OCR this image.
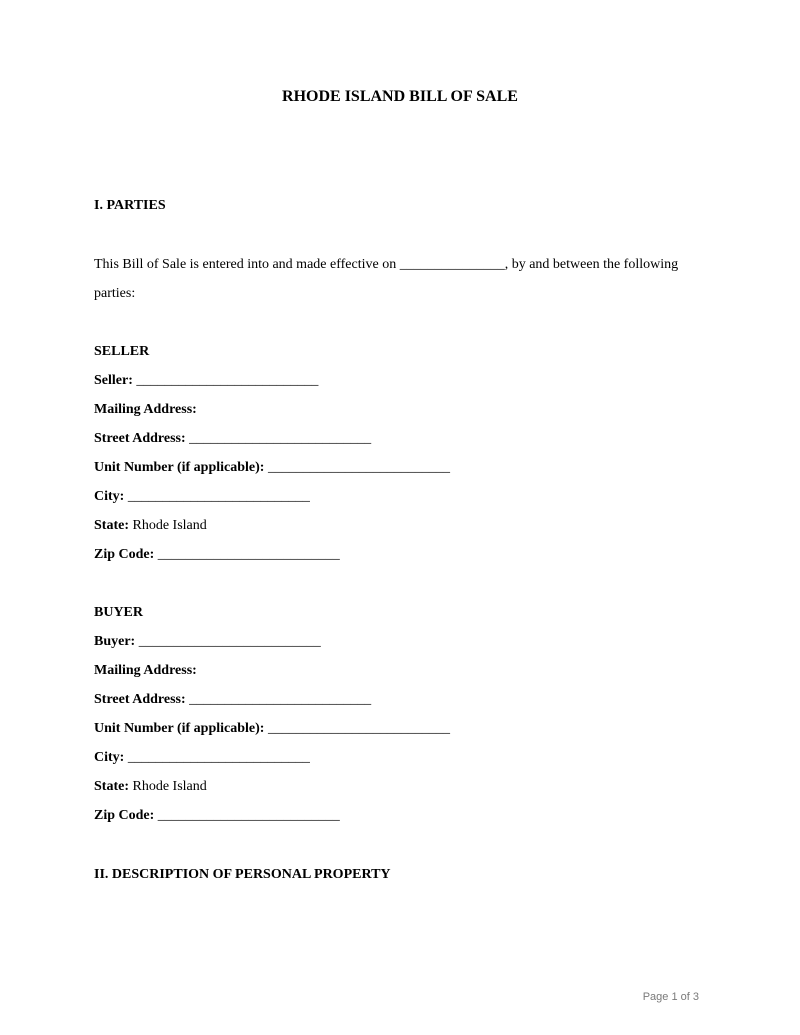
RHODE ISLAND BILL OF SALE
I. PARTIES
This Bill of Sale is entered into and made effective on _______________, by and between the following
parties:
SELLER
Seller: __________________________
Mailing Address:
Street Address: __________________________
Unit Number (if applicable): __________________________
City: __________________________
State: Rhode Island
Zip Code: __________________________
BUYER
Buyer: __________________________
Mailing Address:
Street Address: __________________________
Unit Number (if applicable): __________________________
City: __________________________
State: Rhode Island
Zip Code: __________________________
II. DESCRIPTION OF PERSONAL PROPERTY
Page 1 of 3
